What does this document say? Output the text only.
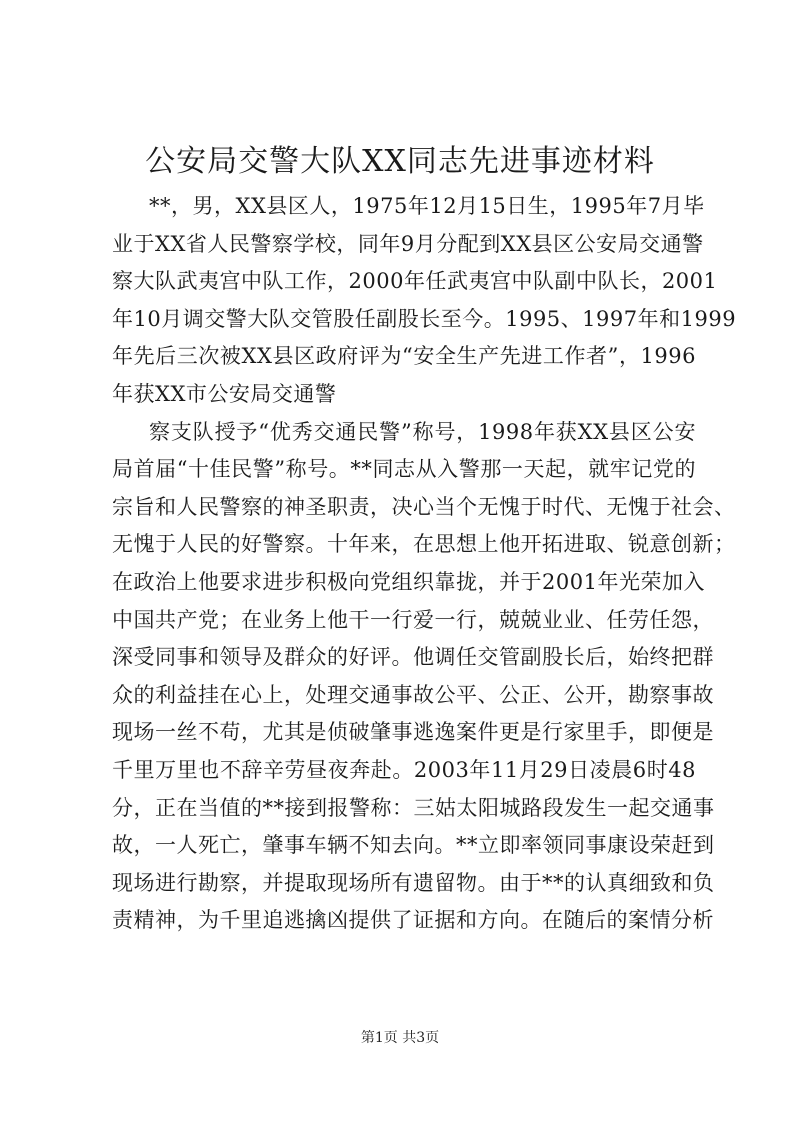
公安局交警大队XX同志先进事迹材料
**，男，XX县区人，1975年12月15日生，1995年7月毕
业于XX省人民警察学校，同年9月分配到XX县区公安局交通警
察大队武夷宫中队工作，2000年任武夷宫中队副中队长，2001
年10月调交警大队交管股任副股长至今。1995、1997年和1999
年先后三次被XX县区政府评为“安全生产先进工作者”，1996
年获XX市公安局交通警
察支队授予“优秀交通民警”称号，1998年获XX县区公安
局首届“十佳民警”称号。**同志从入警那一天起，就牢记党的
宗旨和人民警察的神圣职责，决心当个无愧于时代、无愧于社会、
无愧于人民的好警察。十年来，在思想上他开拓进取、锐意创新；
在政治上他要求进步积极向党组织靠拢，并于2001年光荣加入
中国共产党；在业务上他干一行爱一行，兢兢业业、任劳任怨，
深受同事和领导及群众的好评。他调任交管副股长后，始终把群
众的利益挂在心上，处理交通事故公平、公正、公开，勘察事故
现场一丝不苟，尤其是侦破肇事逃逸案件更是行家里手，即便是
千里万里也不辞辛劳昼夜奔赴。2003年11月29日凌晨6时48
分，正在当值的**接到报警称：三姑太阳城路段发生一起交通事
故，一人死亡，肇事车辆不知去向。**立即率领同事康设荣赶到
现场进行勘察，并提取现场所有遗留物。由于**的认真细致和负
责精神，为千里追逃擒凶提供了证据和方向。在随后的案情分析
第1页 共3页
